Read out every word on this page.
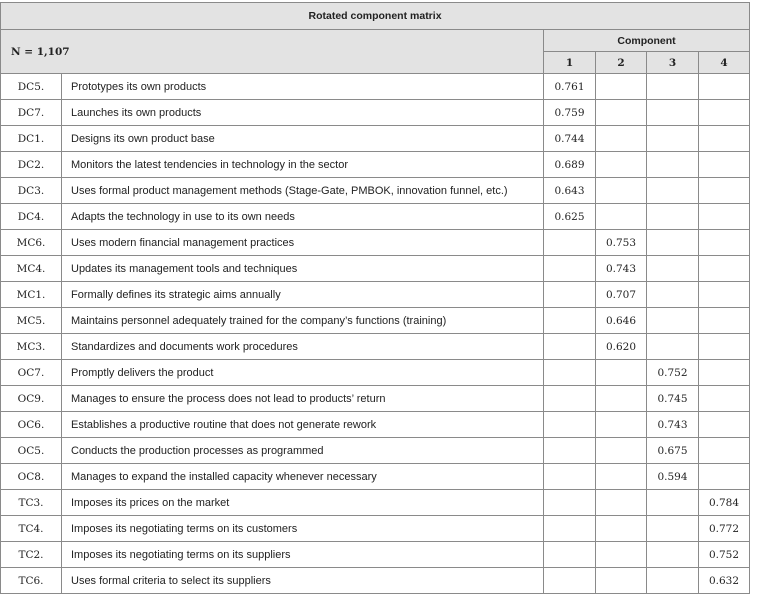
Rotated component matrix					
N = 1,107		Component			
		1	2	3	4
DC5.	Prototypes its own products	0.761			
DC7.	Launches its own products	0.759			
DC1.	Designs its own product base	0.744			
DC2.	Monitors the latest tendencies in technology in the sector	0.689			
DC3.	Uses formal product management methods (Stage-Gate, PMBOK, innovation funnel, etc.)	0.643			
DC4.	Adapts the technology in use to its own needs	0.625			
MC6.	Uses modern financial management practices		0.753		
MC4.	Updates its management tools and techniques		0.743		
MC1.	Formally defines its strategic aims annually		0.707		
MC5.	Maintains personnel adequately trained for the company’s functions (training)		0.646		
MC3.	Standardizes and documents work procedures		0.620		
OC7.	Promptly delivers the product			0.752	
OC9.	Manages to ensure the process does not lead to products’ return			0.745	
OC6.	Establishes a productive routine that does not generate rework			0.743	
OC5.	Conducts the production processes as programmed			0.675	
OC8.	Manages to expand the installed capacity whenever necessary			0.594	
TC3.	Imposes its prices on the market				0.784
TC4.	Imposes its negotiating terms on its customers				0.772
TC2.	Imposes its negotiating terms on its suppliers				0.752
TC6.	Uses formal criteria to select its suppliers				0.632
